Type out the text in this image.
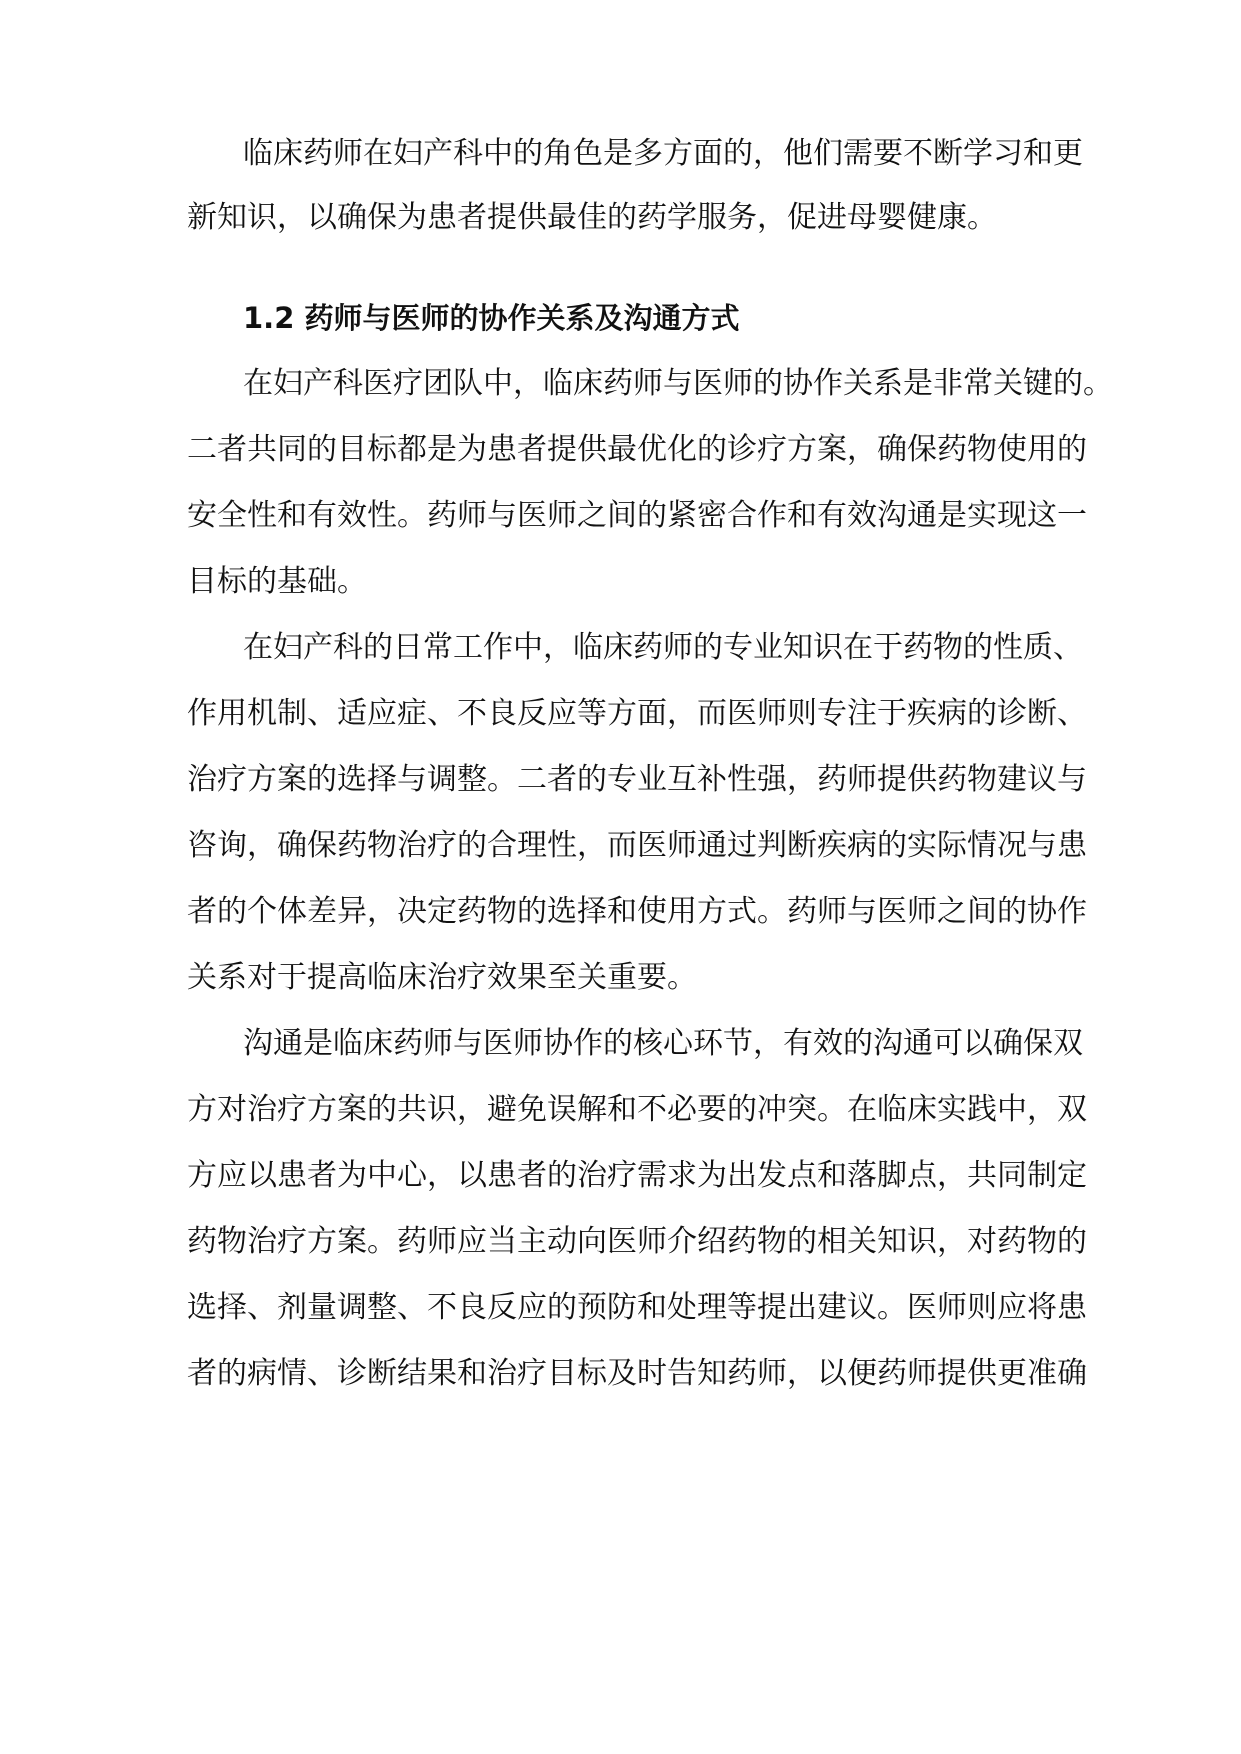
临床药师在妇产科中的角色是多方面的，他们需要不断学习和更

新知识，以确保为患者提供最佳的药学服务，促进母婴健康。

1.2 药师与医师的协作关系及沟通方式

在妇产科医疗团队中，临床药师与医师的协作关系是非常关键的。

二者共同的目标都是为患者提供最优化的诊疗方案，确保药物使用的

安全性和有效性。药师与医师之间的紧密合作和有效沟通是实现这一

目标的基础。

在妇产科的日常工作中，临床药师的专业知识在于药物的性质、

作用机制、适应症、不良反应等方面，而医师则专注于疾病的诊断、

治疗方案的选择与调整。二者的专业互补性强，药师提供药物建议与

咨询，确保药物治疗的合理性，而医师通过判断疾病的实际情况与患

者的个体差异，决定药物的选择和使用方式。药师与医师之间的协作

关系对于提高临床治疗效果至关重要。

沟通是临床药师与医师协作的核心环节，有效的沟通可以确保双

方对治疗方案的共识，避免误解和不必要的冲突。在临床实践中，双

方应以患者为中心，以患者的治疗需求为出发点和落脚点，共同制定

药物治疗方案。药师应当主动向医师介绍药物的相关知识，对药物的

选择、剂量调整、不良反应的预防和处理等提出建议。医师则应将患

者的病情、诊断结果和治疗目标及时告知药师，以便药师提供更准确
